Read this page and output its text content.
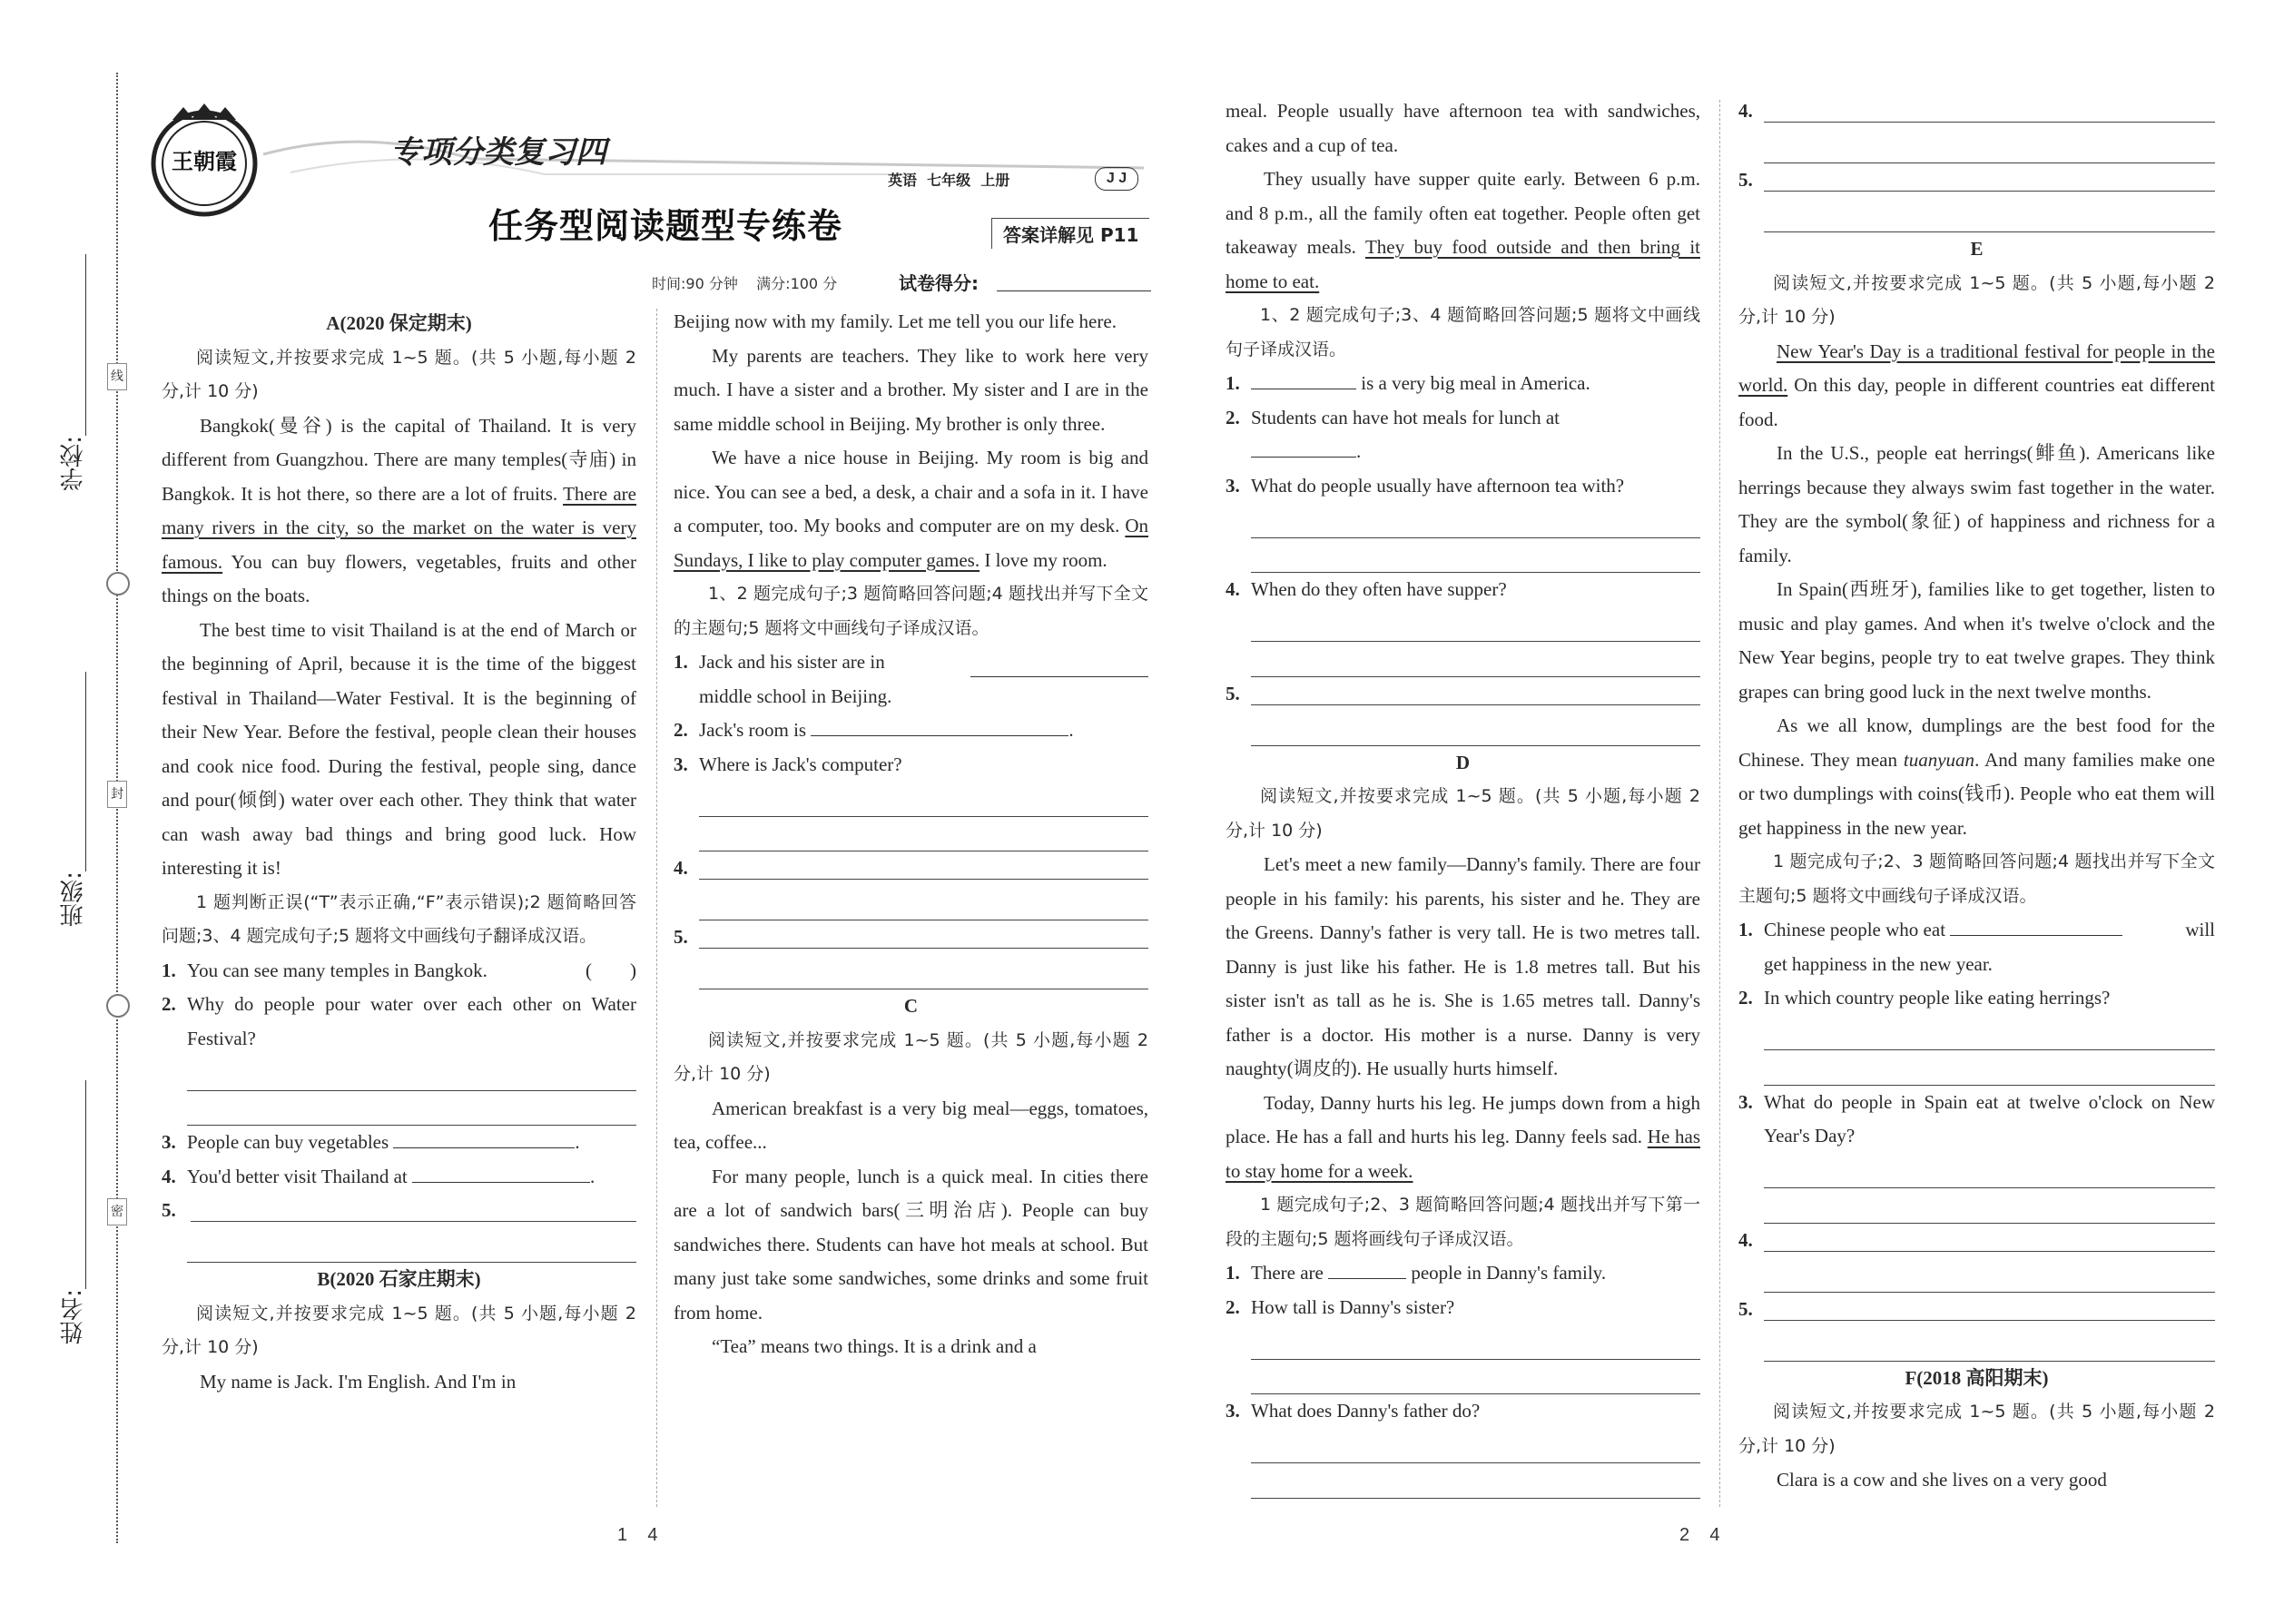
学校:
班级:
姓名:
线
封
密
王朝霞	专项分类复习四
英语  七年级  上册	J J
任务型阅读题型专练卷	答案详解见 P11
时间:90 分钟    满分:100 分	试卷得分:

A(2020 保定期末)

阅读短文,并按要求完成 1~5 题。(共 5 小题,每小题 2 分,计 10 分)

Bangkok(曼谷) is the capital of Thailand. It is very different from Guangzhou. There are many temples(寺庙) in Bangkok. It is hot there, so there are a lot of fruits. There are many rivers in the city, so the market on the water is very famous. You can buy flowers, vegetables, fruits and other things on the boats.

The best time to visit Thailand is at the end of March or the beginning of April, because it is the time of the biggest festival in Thailand—Water Festival. It is the beginning of their New Year. Before the festival, people clean their houses and cook nice food. During the festival, people sing, dance and pour(倾倒) water over each other. They think that water can wash away bad things and bring good luck. How interesting it is!

1 题判断正误(“T”表示正确,“F”表示错误);2 题简略回答问题;3、4 题完成句子;5 题将文中画线句子翻译成汉语。

1. You can see many temples in Bangkok.	(        )
2. Why do people pour water over each other on Water Festival?
3. People can buy vegetables	.
4. You'd better visit Thailand at	.
5.

B(2020 石家庄期末)

阅读短文,并按要求完成 1~5 题。(共 5 小题,每小题 2 分,计 10 分)

My name is Jack. I'm English. And I'm in

Beijing now with my family. Let me tell you our life here.

My parents are teachers. They like to work here very much. I have a sister and a brother. My sister and I are in the same middle school in Beijing. My brother is only three.

We have a nice house in Beijing. My room is big and nice. You can see a bed, a desk, a chair and a sofa in it. I have a computer, too. My books and computer are on my desk. On Sundays, I like to play computer games. I love my room.

1、2 题完成句子;3 题简略回答问题;4 题找出并写下全文的主题句;5 题将文中画线句子译成汉语。

1. Jack and his sister are in

middle school in Beijing.
2. Jack's room is	.
3. Where is Jack's computer?
4.
5.

C

阅读短文,并按要求完成 1~5 题。(共 5 小题,每小题 2 分,计 10 分)

American breakfast is a very big meal—eggs, tomatoes, tea, coffee...

For many people, lunch is a quick meal. In cities there are a lot of sandwich bars(三明治店). People can buy sandwiches there. Students can have hot meals at school. But many just take some sandwiches, some drinks and some fruit from home.

“Tea” means two things. It is a drink and a

meal. People usually have afternoon tea with sandwiches, cakes and a cup of tea.

They usually have supper quite early. Between 6 p.m. and 8 p.m., all the family often eat together. People often get takeaway meals. They buy food outside and then bring it home to eat.

1、2 题完成句子;3、4 题简略回答问题;5 题将文中画线句子译成汉语。

1.	is a very big meal in America.
2. Students can have hot meals for lunch at
.
3. What do people usually have afternoon tea with?
4. When do they often have supper?
5.

D

阅读短文,并按要求完成 1~5 题。(共 5 小题,每小题 2 分,计 10 分)

Let's meet a new family—Danny's family. There are four people in his family: his parents, his sister and he. They are the Greens. Danny's father is very tall. He is two metres tall. Danny is just like his father. He is 1.8 metres tall. But his sister isn't as tall as he is. She is 1.65 metres tall. Danny's father is a doctor. His mother is a nurse. Danny is very naughty(调皮的). He usually hurts himself.

Today, Danny hurts his leg. He jumps down from a high place. He has a fall and hurts his leg. Danny feels sad. He has to stay home for a week.

1 题完成句子;2、3 题简略回答问题;4 题找出并写下第一段的主题句;5 题将画线句子译成汉语。

1. There are	people in Danny's family.
2. How tall is Danny's sister?
3. What does Danny's father do?
4.
5.

E

阅读短文,并按要求完成 1~5 题。(共 5 小题,每小题 2 分,计 10 分)

New Year's Day is a traditional festival for people in the world. On this day, people in different countries eat different food.

In the U.S., people eat herrings(鲱鱼). Americans like herrings because they always swim fast together in the water. They are the symbol(象征) of happiness and richness for a family.

In Spain(西班牙), families like to get together, listen to music and play games. And when it's twelve o'clock and the New Year begins, people try to eat twelve grapes. They think grapes can bring good luck in the next twelve months.

As we all know, dumplings are the best food for the Chinese. They mean tuanyuan. And many families make one or two dumplings with coins(钱币). People who eat them will get happiness in the new year.

1 题完成句子;2、3 题简略回答问题;4 题找出并写下全文主题句;5 题将文中画线句子译成汉语。

1. Chinese people who eat	will

get happiness in the new year.
2. In which country people like eating herrings?
3. What do people in Spain eat at twelve o'clock on New Year's Day?
4.
5.

F(2018 高阳期末)

阅读短文,并按要求完成 1~5 题。(共 5 小题,每小题 2 分,计 10 分)

Clara is a cow and she lives on a very good

1    4	2    4
